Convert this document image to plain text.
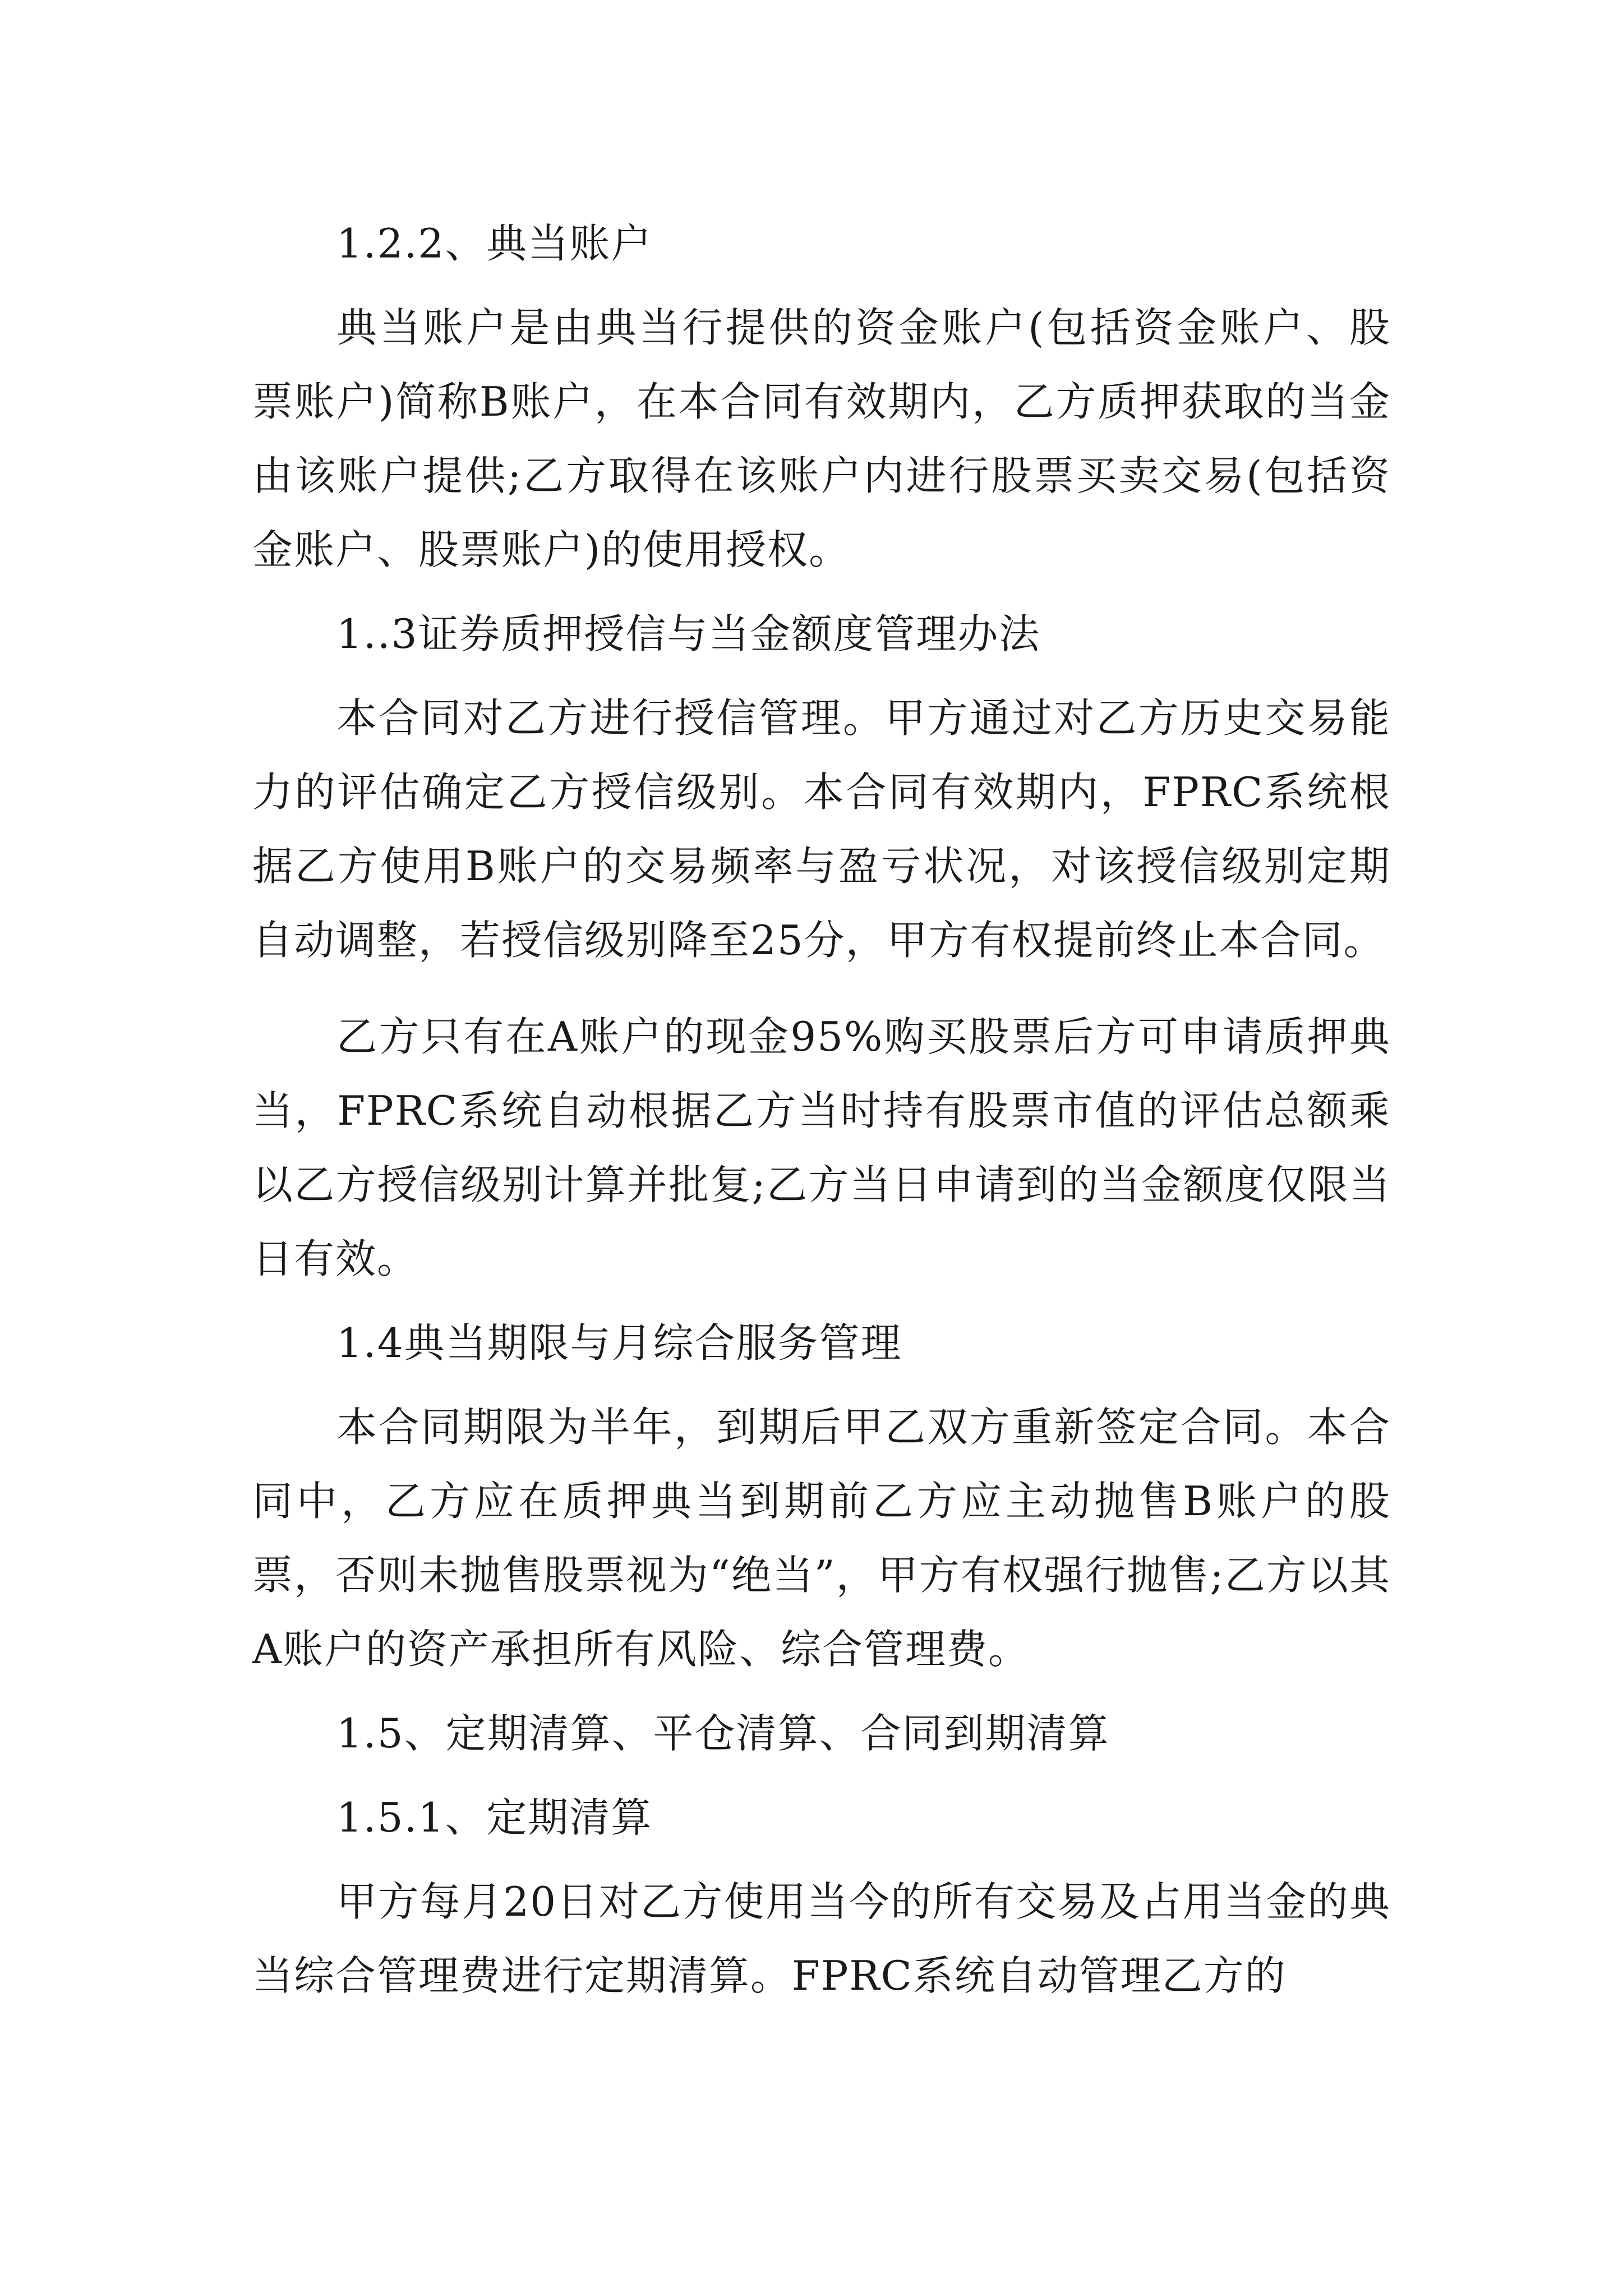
1.2.2、典当账户

典当账户是由典当行提供的资金账户(包括资金账户、股票账户)简称B账户，在本合同有效期内，乙方质押获取的当金由该账户提供;乙方取得在该账户内进行股票买卖交易(包括资金账户、股票账户)的使用授权。

1..3证券质押授信与当金额度管理办法

本合同对乙方进行授信管理。甲方通过对乙方历史交易能力的评估确定乙方授信级别。本合同有效期内，FPRC系统根据乙方使用B账户的交易频率与盈亏状况，对该授信级别定期自动调整，若授信级别降至25分，甲方有权提前终止本合同。

乙方只有在A账户的现金95%购买股票后方可申请质押典当，FPRC系统自动根据乙方当时持有股票市值的评估总额乘以乙方授信级别计算并批复;乙方当日申请到的当金额度仅限当日有效。

1.4典当期限与月综合服务管理

本合同期限为半年，到期后甲乙双方重新签定合同。本合同中，乙方应在质押典当到期前乙方应主动抛售B账户的股票，否则未抛售股票视为“绝当”，甲方有权强行抛售;乙方以其A账户的资产承担所有风险、综合管理费。

1.5、定期清算、平仓清算、合同到期清算

1.5.1、定期清算

甲方每月20日对乙方使用当今的所有交易及占用当金的典当综合管理费进行定期清算。FPRC系统自动管理乙方的
